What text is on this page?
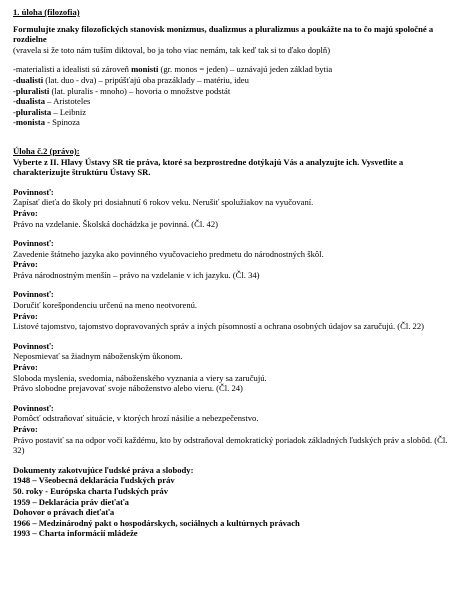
1. úloha (filozofia)
Formulujte znaky filozofických stanovísk monizmus, dualizmus a pluralizmus a poukážte na to čo majú spoločné a rozdielne
(vravela si že toto nám tuším diktoval, bo ja toho viac nemám, tak keď tak si to ďako doplň)
-materialisti a idealisti sú zároveň monisti (gr. monos = jeden) – uznávajú jeden základ bytia
-dualisti (lat. duo - dva) – pripúšťajú oba prazáklady – matériu, ideu
-pluralisti (lat. pluralis - mnoho) – hovoria o množstve podstát
-dualista – Aristoteles
-pluralista – Leibniz
-monista - Spinoza
Úloha č.2 (právo):
Vyberte z II. Hlavy Ústavy SR tie práva, ktoré sa bezprostredne dotýkajú Vás a analyzujte ich. Vysvetlite a charakterizujte štruktúru Ústavy SR.
Povinnosť:
Zapísať dieťa do školy pri dosiahnutí 6 rokov veku. Nerušiť spolužiakov na vyučovaní.
Právo:
Právo na vzdelanie. Školská dochádzka je povinná. (Čl. 42)
Povinnosť:
Zavedenie štátneho jazyka ako povinného vyučovacieho predmetu do národnostných škôl.
Právo:
Práva národnostným menšín – právo na vzdelanie v ich jazyku. (Čl. 34)
Povinnosť:
Doručiť korešpondenciu určenú na meno neotvorenú.
Právo:
Listové tajomstvo, tajomstvo dopravovaných správ a iných písomností a ochrana osobných údajov sa zaručujú. (Čl. 22)
Povinnosť:
Neposmievať sa žiadnym náboženským ůkonom.
Právo:
Sloboda myslenia, svedomia, náboženského vyznania a viery sa zaručujú.
Právo slobodne prejavovať svoje náboženstvo alebo vieru. (Čl. 24)
Povinnosť:
Pomôcť odstraňovať situácie, v ktorých hrozí násilie a nebezpečenstvo.
Právo:
Právo postaviť sa na odpor voči každému, kto by odstraňoval demokratický poriadok základných ľudských práv a slobôd. (Čl. 32)
Dokumenty zakotvujúce ľudské práva a slobody:
1948 – Všeobecná deklarácia ľudských práv
50. roky - Európska charta ľudských práv
1959 – Deklarácia práv dieťaťa
Dohovor o právach dieťaťa
1966 – Medzinárodný pakt o hospodárskych, sociálnych a kultúrnych právach
1993 – Charta informácií mládeže
